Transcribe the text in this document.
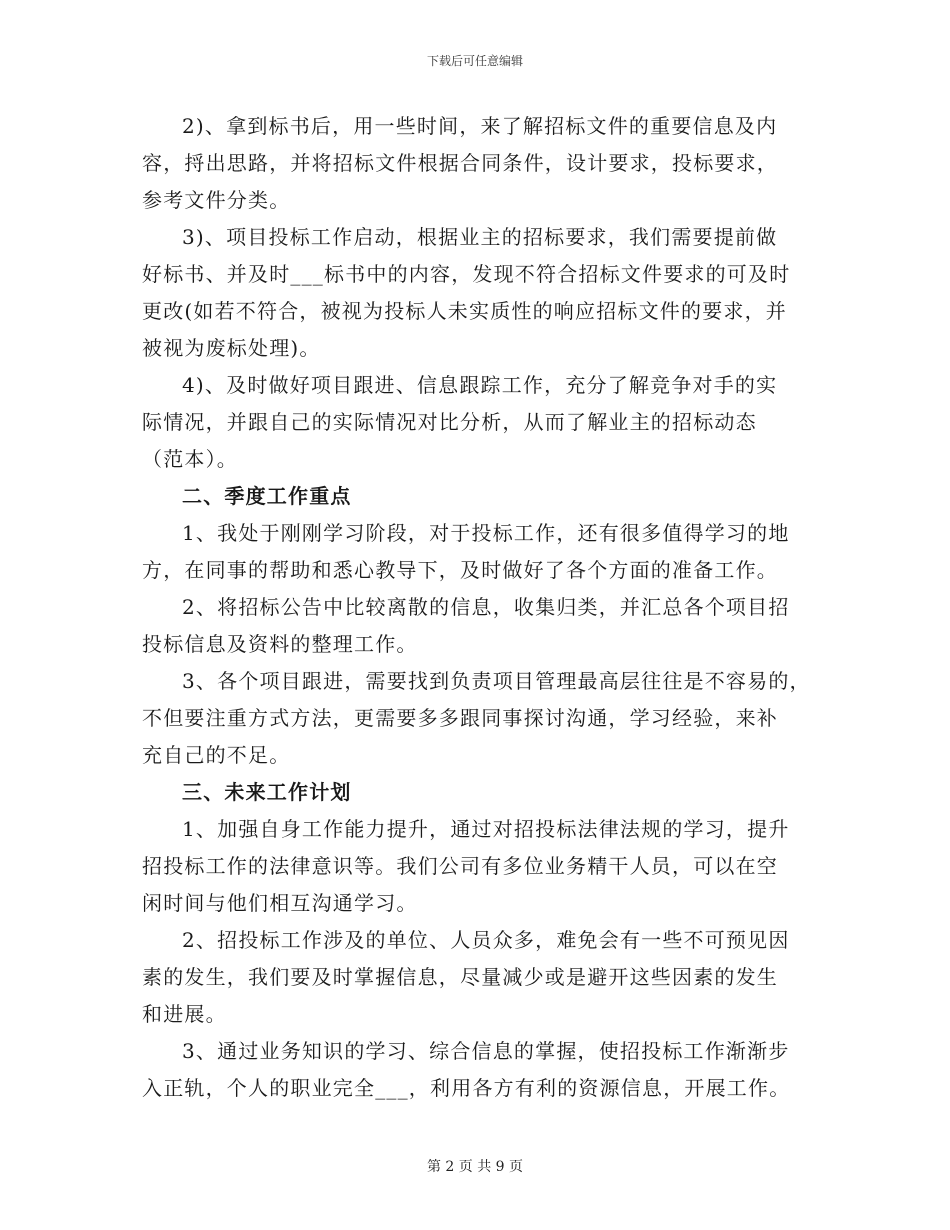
下载后可任意编辑

2)、拿到标书后，用一些时间，来了解招标文件的重要信息及内
容，捋出思路，并将招标文件根据合同条件，设计要求，投标要求，
参考文件分类。

3)、项目投标工作启动，根据业主的招标要求，我们需要提前做
好标书、并及时___标书中的内容，发现不符合招标文件要求的可及时
更改(如若不符合，被视为投标人未实质性的响应招标文件的要求，并
被视为废标处理)。

4)、及时做好项目跟进、信息跟踪工作，充分了解竞争对手的实
际情况，并跟自己的实际情况对比分析，从而了解业主的招标动态
（范本）。

二、季度工作重点

1、我处于刚刚学习阶段，对于投标工作，还有很多值得学习的地
方，在同事的帮助和悉心教导下，及时做好了各个方面的准备工作。

2、将招标公告中比较离散的信息，收集归类，并汇总各个项目招
投标信息及资料的整理工作。

3、各个项目跟进，需要找到负责项目管理最高层往往是不容易的，
不但要注重方式方法，更需要多多跟同事探讨沟通，学习经验，来补
充自己的不足。

三、未来工作计划

1、加强自身工作能力提升，通过对招投标法律法规的学习，提升
招投标工作的法律意识等。我们公司有多位业务精干人员，可以在空
闲时间与他们相互沟通学习。

2、招投标工作涉及的单位、人员众多，难免会有一些不可预见因
素的发生，我们要及时掌握信息，尽量减少或是避开这些因素的发生
和进展。

3、通过业务知识的学习、综合信息的掌握，使招投标工作渐渐步
入正轨，个人的职业完全___，利用各方有利的资源信息，开展工作。

第 2 页 共 9 页
